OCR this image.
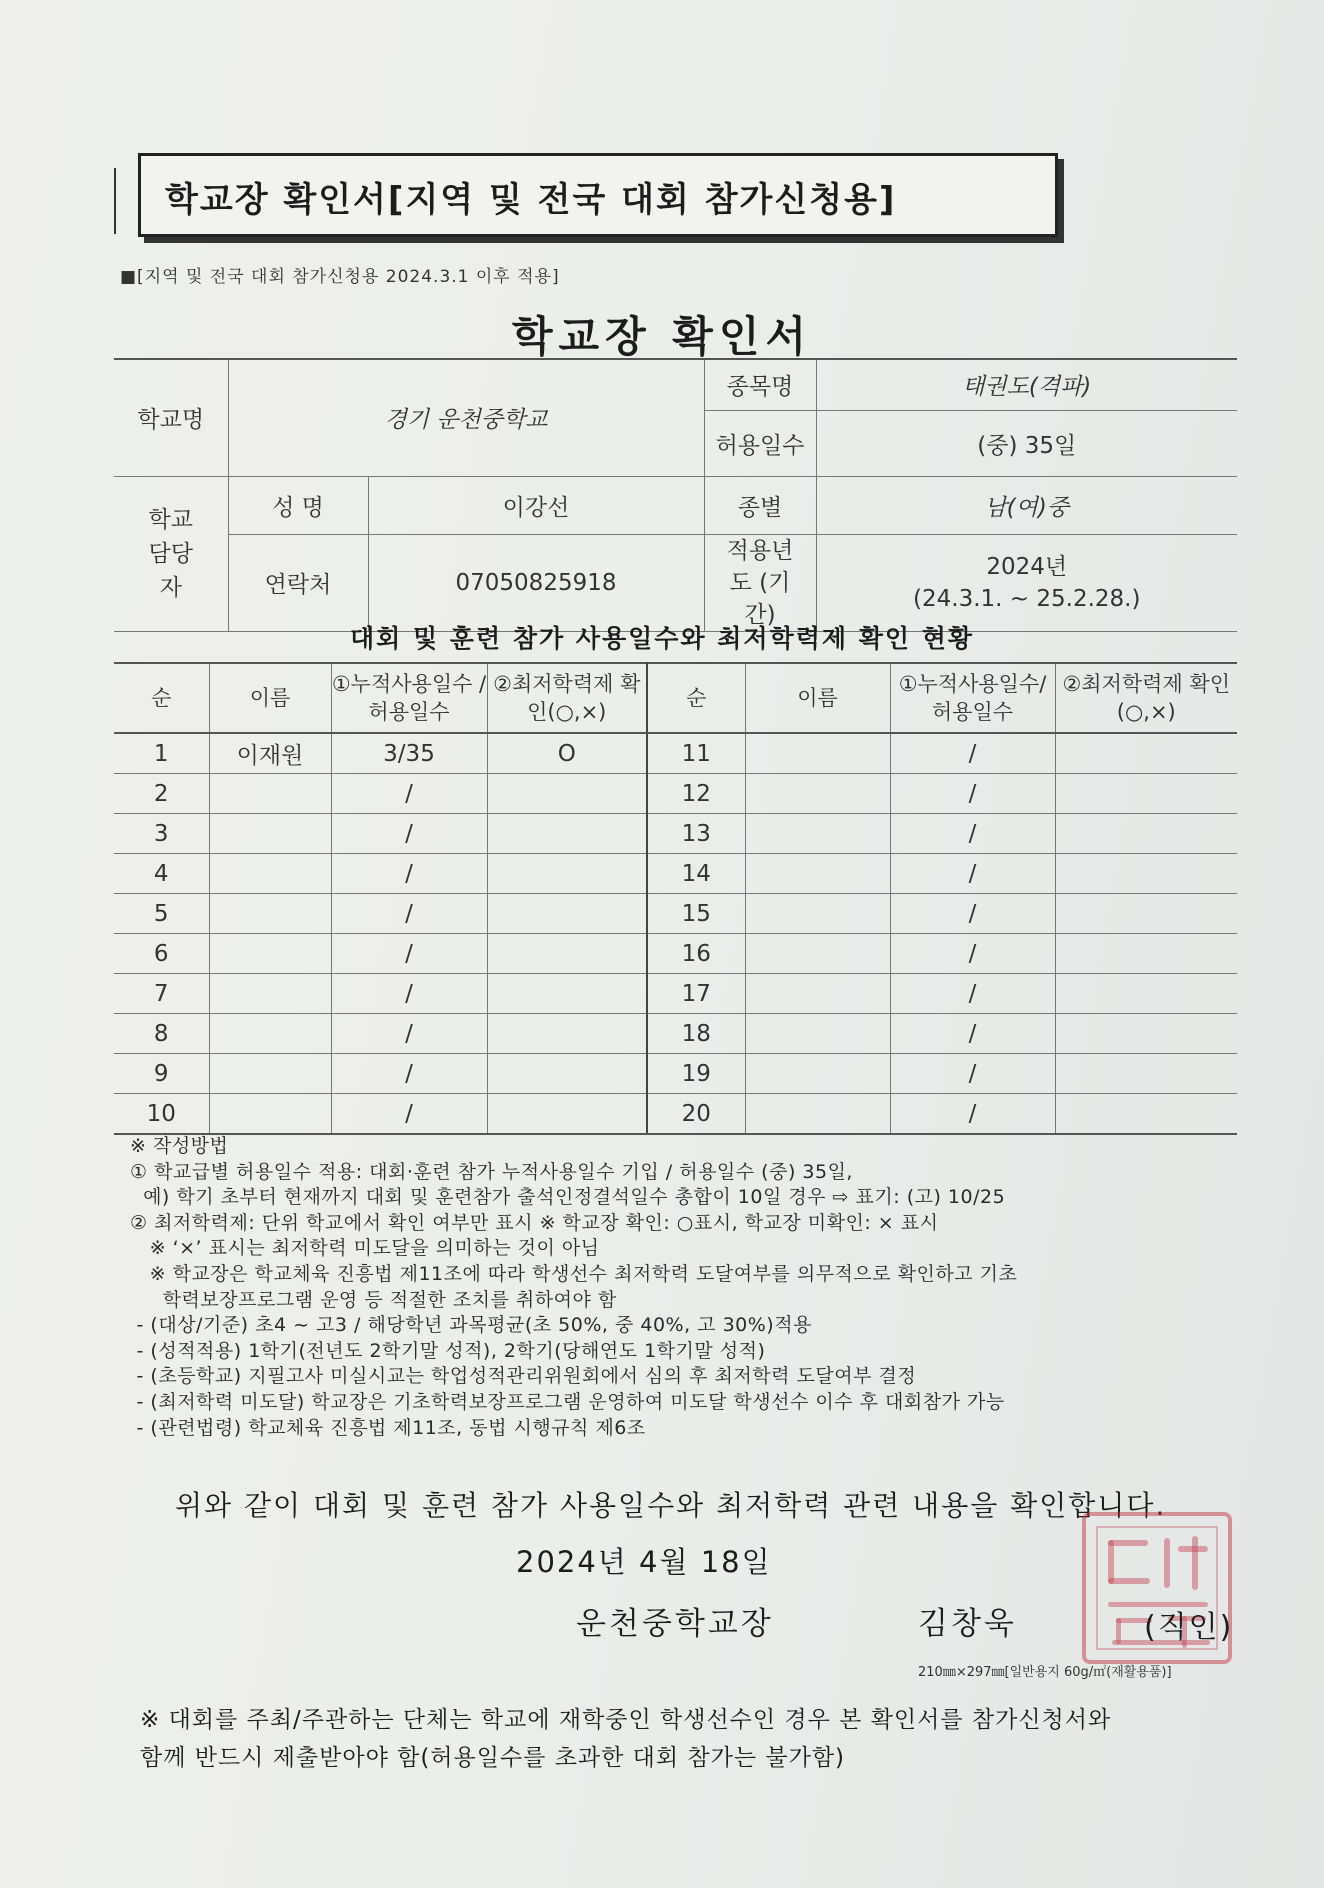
학교장 확인서[지역 및 전국 대회 참가신청용]
■[지역 및 전국 대회 참가신청용 2024.3.1 이후 적용]
학교장 확인서
학교명	경기 운천중학교		종목명	태권도(격파)
			허용일수	(중) 35일
학교 담당자	성 명	이강선	종별	남(여)중
	연락처	07050825918	적용년도 (기간)	2024년
(24.3.1. ~ 25.2.28.)
대회 및 훈련 참가 사용일수와 최저학력제 확인 현황
순	이름	①누적사용일수 /허용일수	②최저학력제 확인(○,×)	순	이름	①누적사용일수/ 허용일수	②최저학력제 확인(○,×)
1	이재원	3/35	O	11		/	
2		/		12		/	
3		/		13		/	
4		/		14		/	
5		/		15		/	
6		/		16		/	
7		/		17		/	
8		/		18		/	
9		/		19		/	
10		/		20		/	
※ 작성방법
① 학교급별 허용일수 적용: 대회·훈련 참가 누적사용일수 기입 / 허용일수 (중) 35일,
예) 학기 초부터 현재까지 대회 및 훈련참가 출석인정결석일수 총합이 10일 경우 ⇨ 표기: (고) 10/25
② 최저학력제: 단위 학교에서 확인 여부만 표시 ※ 학교장 확인: ○표시, 학교장 미확인: × 표시
※ ‘×’ 표시는 최저학력 미도달을 의미하는 것이 아님
※ 학교장은 학교체육 진흥법 제11조에 따라 학생선수 최저학력 도달여부를 의무적으로 확인하고 기초
학력보장프로그램 운영 등 적절한 조치를 취하여야 함
- (대상/기준) 초4 ~ 고3 / 해당학년 과목평균(초 50%, 중 40%, 고 30%)적용
- (성적적용) 1학기(전년도 2학기말 성적), 2학기(당해연도 1학기말 성적)
- (초등학교) 지필고사 미실시교는 학업성적관리위원회에서 심의 후 최저학력 도달여부 결정
- (최저학력 미도달) 학교장은 기초학력보장프로그램 운영하여 미도달 학생선수 이수 후 대회참가 가능
- (관련법령) 학교체육 진흥법 제11조, 동법 시행규칙 제6조
위와 같이 대회 및 훈련 참가 사용일수와 최저학력 관련 내용을 확인합니다.
2024년 4월 18일
운천중학교장	김창욱	(직인)
210㎜×297㎜[일반용지 60g/㎡(재활용품)]
※ 대회를 주최/주관하는 단체는 학교에 재학중인 학생선수인 경우 본 확인서를 참가신청서와
함께 반드시 제출받아야 함(허용일수를 초과한 대회 참가는 불가함)
